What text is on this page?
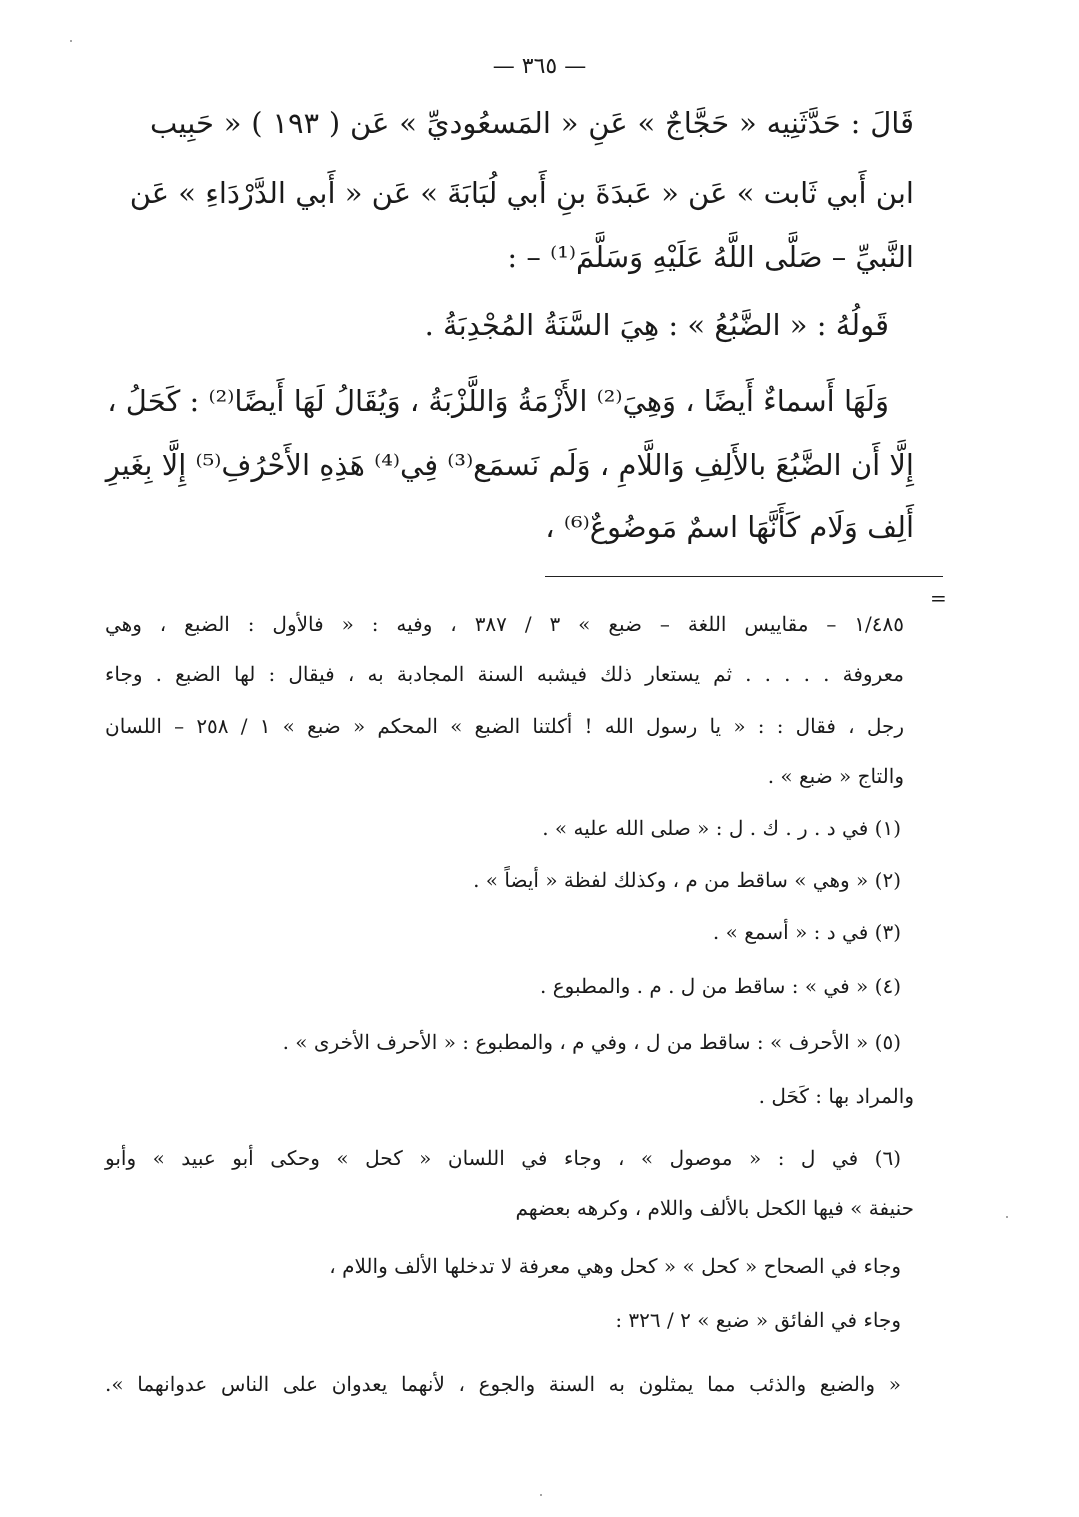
— ٣٦٥ —
قَالَ : حَدَّثَنِيه « حَجَّاجٌ » عَنِ « المَسعُوديِّ » عَن ( ١٩٣ ) « حَبِيب
ابن أَبي ثَابت » عَن « عَبدَةَ بنِ أَبي لُبَابَةَ » عَن « أَبي الدَّرْدَاءِ » عَن
النَّبيِّ – صَلَّى اللَّهُ عَلَيْهِ وَسَلَّمَ⁽¹⁾ – :
قَولُهُ : « الضَّبُعُ » : هِيَ السَّنَةُ المُجْدِبَةُ .
وَلَهَا أَسماءٌ أَيضًا ، وَهِيَ⁽²⁾ الأَزْمَةُ وَاللَّزْبَةُ ، وَيُقَالُ لَهَا أَيضًا⁽²⁾ : كَحَلُ ،
إِلَّا أَن الضَّبُعَ بالأَلِفِ وَاللَّامِ ، وَلَم نَسمَع⁽³⁾ فِي⁽⁴⁾ هَذِهِ الأَحْرُفِ⁽⁵⁾ إِلَّا بِغَيرِ
أَلِف وَلَام كَأَنَّهَا اسمٌ مَوضُوعٌ⁽⁶⁾ ،
=
١/٤٨٥ – مقاييس اللغة – ضبع » ٣ / ٣٨٧ ، وفيه : « فالأول : الضبع ، وهي
معروفة . . . . . ثم يستعار ذلك فيشبه السنة المجادبة به ، فيقال : لها الضبع . وجاء
رجل ، فقال : : « يا رسول الله ! أكلتنا الضبع » المحكم « ضبع » ١ / ٢٥٨ – اللسان
والتاج « ضبع » .
(١) في د . ر . ك . ل : « صلى الله عليه » .
(٢) « وهي » ساقط من م ، وكذلك لفظة « أيضاً » .
(٣) في د : « أسمع » .
(٤) « في » : ساقط من ل . م . والمطبوع .
(٥) « الأحرف » : ساقط من ل ، وفي م ، والمطبوع : « الأحرف الأخرى » .
والمراد بها : كَحَل .
(٦) في ل : « موصول » ، وجاء في اللسان « كحل » وحكى أبو عبيد » وأبو
حنيفة » فيها الكحل بالألف واللام ، وكرهه بعضهم
وجاء في الصحاح « كحل » « كحل وهي معرفة لا تدخلها الألف واللام ،
وجاء في الفائق « ضبع » ٢ / ٣٢٦ :
« والضبع والذئب مما يمثلون به السنة والجوع ، لأنهما يعدوان على الناس عدوانهما ».
